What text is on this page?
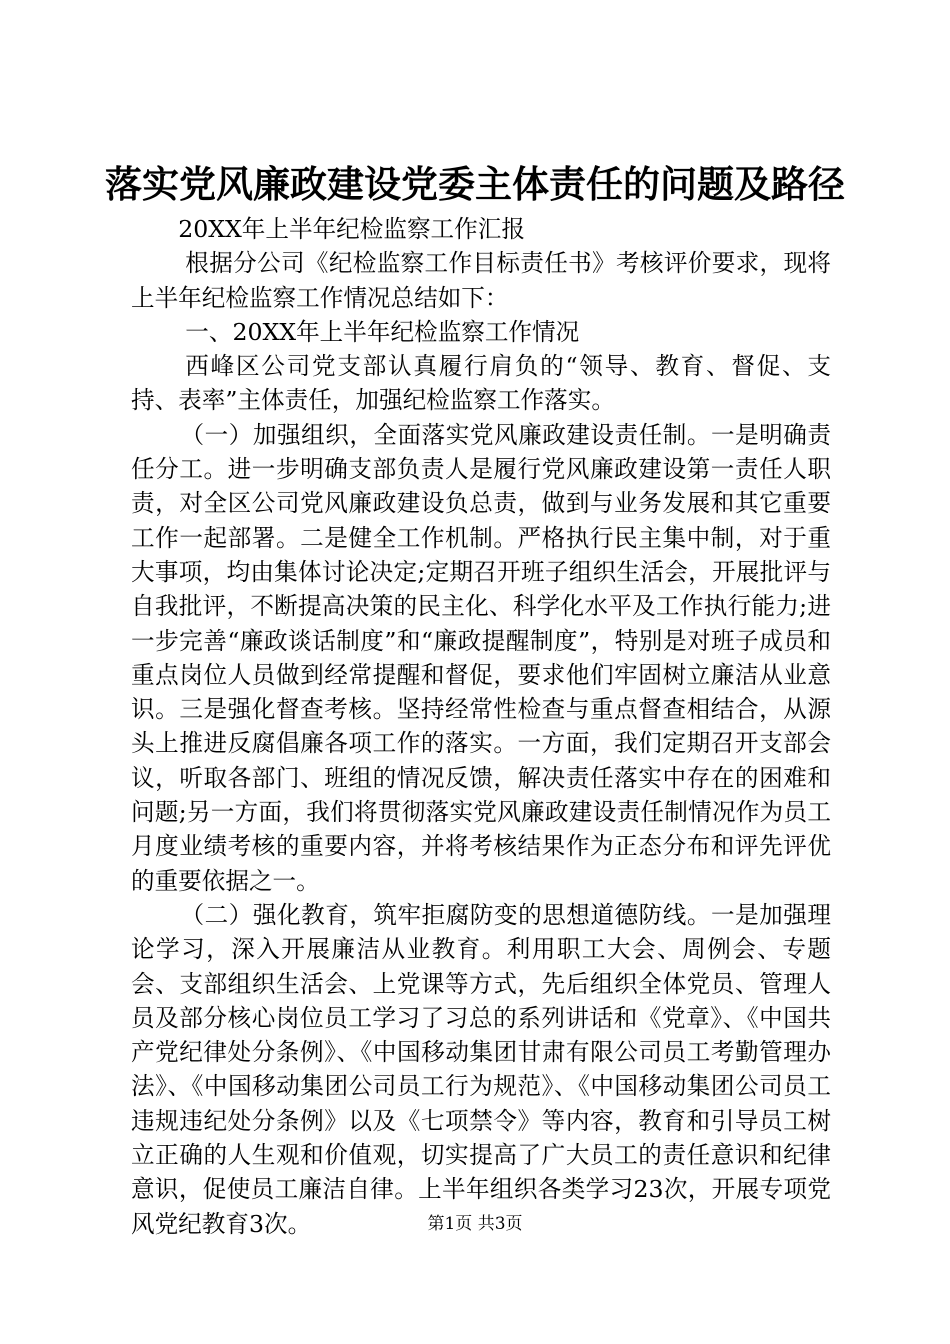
落实党风廉政建设党委主体责任的问题及路径

20XX年上半年纪检监察工作汇报

根据分公司《纪检监察工作目标责任书》考核评价要求，现将上半年纪检监察工作情况总结如下：

一、20XX年上半年纪检监察工作情况

西峰区公司党支部认真履行肩负的“领导、教育、督促、支持、表率”主体责任，加强纪检监察工作落实。

（一）加强组织，全面落实党风廉政建设责任制。一是明确责任分工。进一步明确支部负责人是履行党风廉政建设第一责任人职责，对全区公司党风廉政建设负总责，做到与业务发展和其它重要工作一起部署。二是健全工作机制。严格执行民主集中制，对于重大事项，均由集体讨论决定;定期召开班子组织生活会，开展批评与自我批评，不断提高决策的民主化、科学化水平及工作执行能力;进一步完善“廉政谈话制度”和“廉政提醒制度”，特别是对班子成员和重点岗位人员做到经常提醒和督促，要求他们牢固树立廉洁从业意识。三是强化督查考核。坚持经常性检查与重点督查相结合，从源头上推进反腐倡廉各项工作的落实。一方面，我们定期召开支部会议，听取各部门、班组的情况反馈，解决责任落实中存在的困难和问题;另一方面，我们将贯彻落实党风廉政建设责任制情况作为员工月度业绩考核的重要内容，并将考核结果作为正态分布和评先评优的重要依据之一。

（二）强化教育，筑牢拒腐防变的思想道德防线。一是加强理论学习，深入开展廉洁从业教育。利用职工大会、周例会、专题会、支部组织生活会、上党课等方式，先后组织全体党员、管理人员及部分核心岗位员工学习了习总的系列讲话和《党章》、《中国共产党纪律处分条例》、《中国移动集团甘肃有限公司员工考勤管理办法》、《中国移动集团公司员工行为规范》、《中国移动集团公司员工违规违纪处分条例》以及《七项禁令》等内容，教育和引导员工树立正确的人生观和价值观，切实提高了广大员工的责任意识和纪律意识，促使员工廉洁自律。上半年组织各类学习23次，开展专项党风党纪教育3次。	第1页 共3页
